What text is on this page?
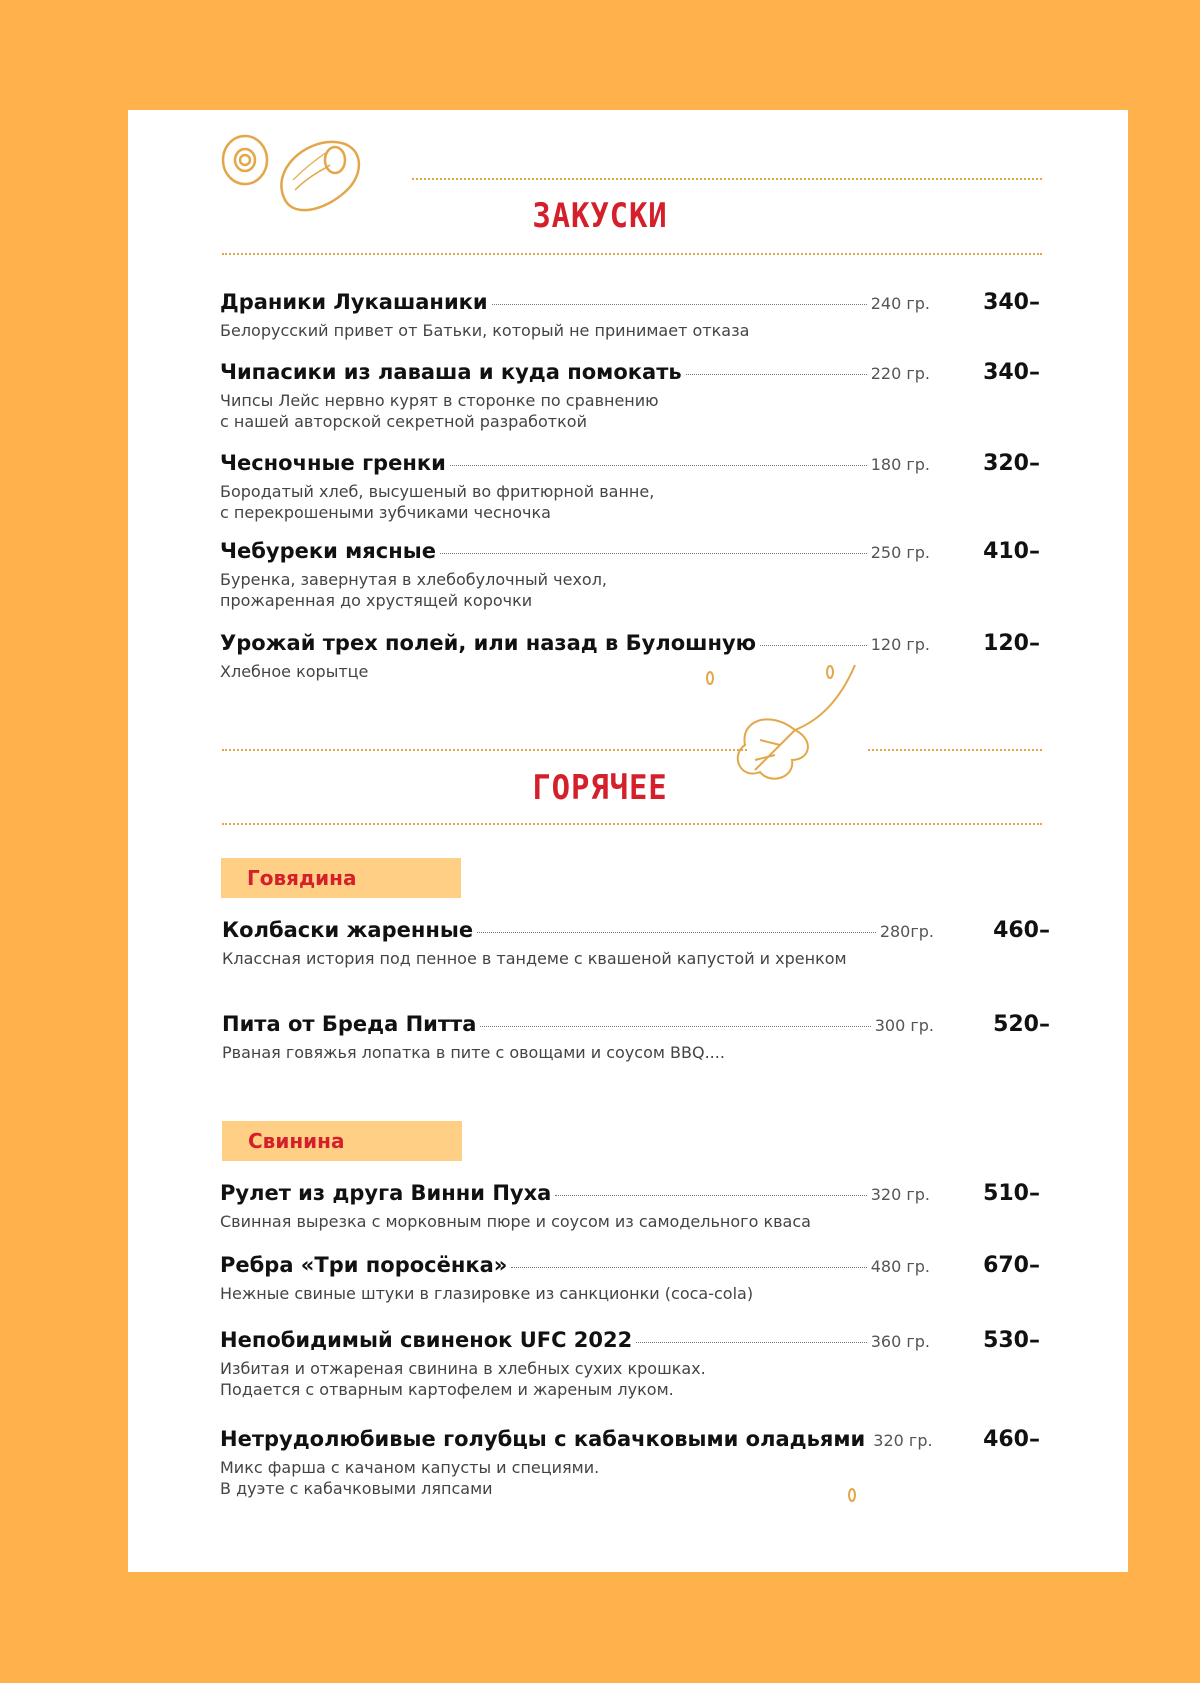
ЗАКУСКИ
Драники Лукашаники	240 гр. 340–
Белорусский привет от Батьки, который не принимает отказа
Чипасики из лаваша и куда помокать	220 гр. 340–
Чипсы Лейс нервно курят в сторонке по сравнению
с нашей авторской секретной разработкой
Чесночные гренки	180 гр. 320–
Бородатый хлеб, высушеный во фритюрной ванне,
с перекрошеными зубчиками чесночка
Чебуреки мясные	250 гр. 410–
Буренка, завернутая в хлебобулочный чехол,
прожаренная до хрустящей корочки
Урожай трех полей, или назад в Булошную	120 гр. 120–
Хлебное корытце
ГОРЯЧЕЕ
Говядина
Колбаски жаренные	280гр.	460–
Классная история под пенное в тандеме с квашеной капустой и хренком
Пита от Бреда Питта	300 гр.	520–
Рваная говяжья лопатка в пите с овощами и соусом BBQ....
Свинина
Рулет из друга Винни Пуха	320 гр. 510–
Свинная вырезка с морковным пюре и соусом из самодельного кваса
Ребра «Три поросёнка»	480 гр. 670–
Нежные свиные штуки в глазировке из санкционки (coca-cola)
Непобидимый свиненок UFC 2022	360 гр. 530–
Избитая и отжареная свинина в хлебных сухих крошках.
Подается с отварным картофелем и жареным луком.
Нетрудолюбивые голубцы с кабачковыми оладьями 320 гр. 460–
Микс фарша с качаном капусты и специями.
В дуэте с кабачковыми ляпсами
